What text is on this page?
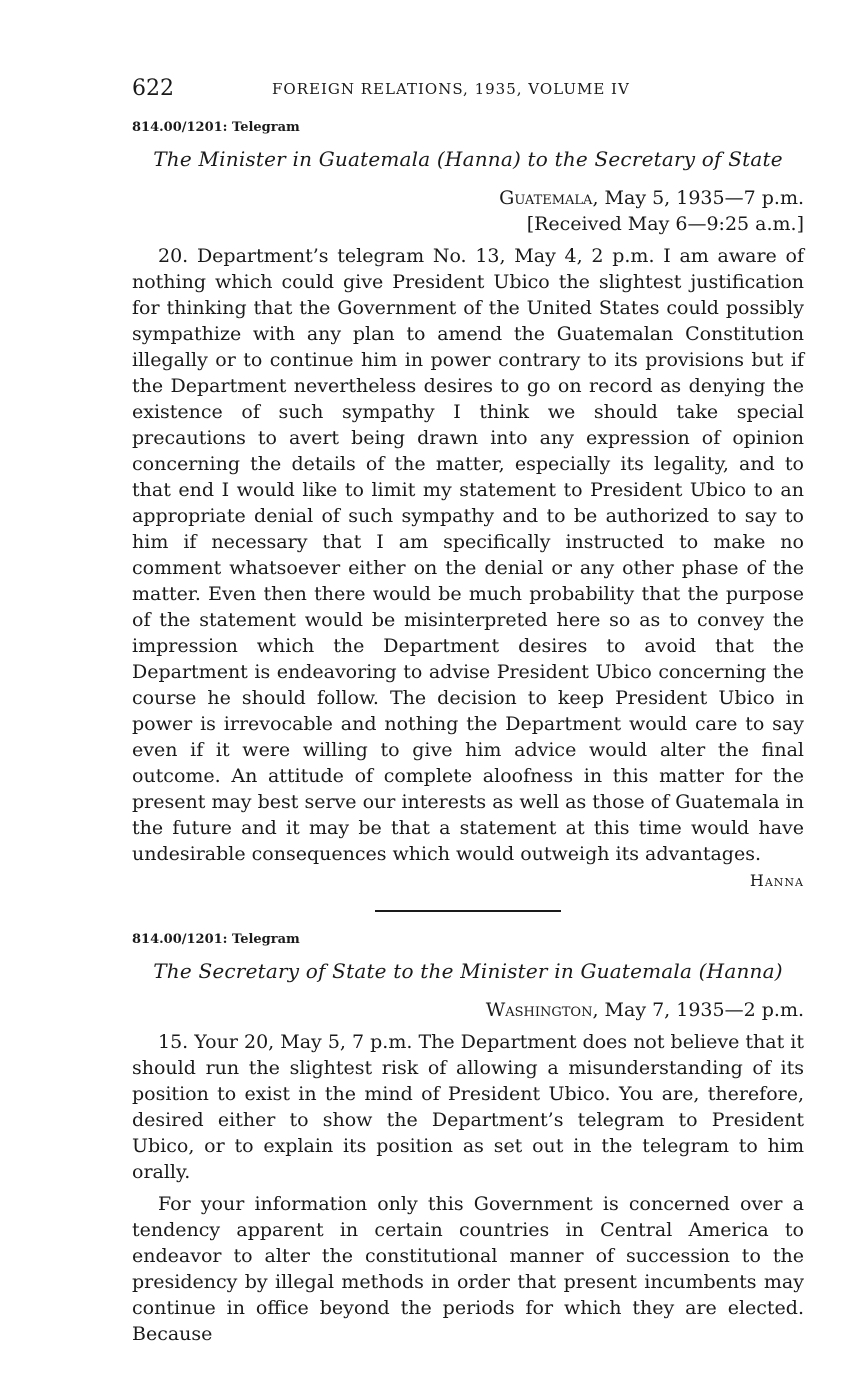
622	FOREIGN RELATIONS, 1935, VOLUME IV
814.00/1201: Telegram
The Minister in Guatemala (Hanna) to the Secretary of State
Guatemala, May 5, 1935—7 p.m.
[Received May 6—9:25 a.m.]

20. Department’s telegram No. 13, May 4, 2 p.m. I am aware of nothing which could give President Ubico the slightest justification for thinking that the Government of the United States could possibly sympathize with any plan to amend the Guatemalan Constitution illegally or to continue him in power contrary to its provisions but if the Department nevertheless desires to go on record as denying the existence of such sympathy I think we should take special precautions to avert being drawn into any expression of opinion concerning the details of the matter, especially its legality, and to that end I would like to limit my statement to President Ubico to an appropriate denial of such sympathy and to be authorized to say to him if necessary that I am specifically instructed to make no comment whatsoever either on the denial or any other phase of the matter. Even then there would be much probability that the purpose of the statement would be misinterpreted here so as to convey the impression which the Department desires to avoid that the Department is endeavoring to advise President Ubico concerning the course he should follow. The decision to keep President Ubico in power is irrevocable and nothing the Department would care to say even if it were willing to give him advice would alter the final outcome. An attitude of complete aloofness in this matter for the present may best serve our interests as well as those of Guatemala in the future and it may be that a statement at this time would have undesirable consequences which would outweigh its advantages.

Hanna
814.00/1201: Telegram
The Secretary of State to the Minister in Guatemala (Hanna)
Washington, May 7, 1935—2 p.m.

15. Your 20, May 5, 7 p.m. The Department does not believe that it should run the slightest risk of allowing a misunderstanding of its position to exist in the mind of President Ubico. You are, therefore, desired either to show the Department’s telegram to President Ubico, or to explain its position as set out in the telegram to him orally.

For your information only this Government is concerned over a tendency apparent in certain countries in Central America to endeavor to alter the constitutional manner of succession to the presidency by illegal methods in order that present incumbents may continue in office beyond the periods for which they are elected. Because
